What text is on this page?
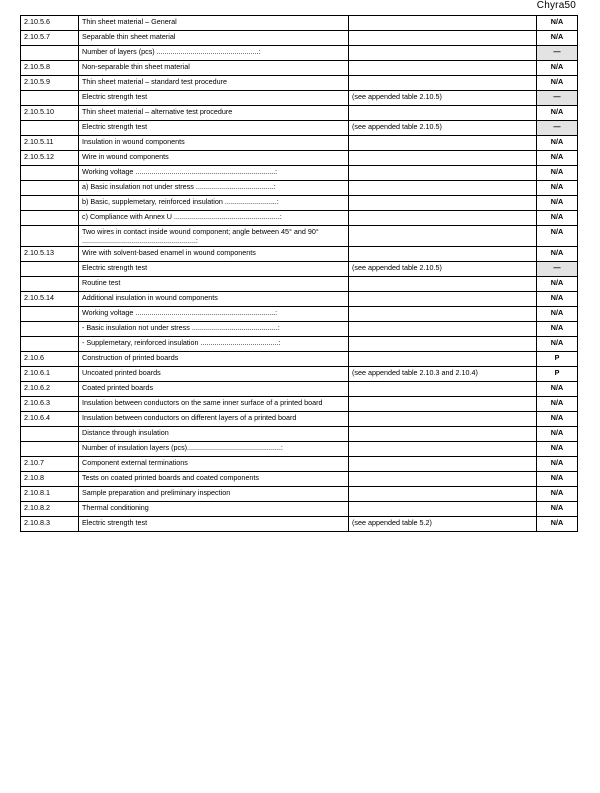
Chyra50
2.10.5.6	Thin sheet material – General		N/A
2.10.5.7	Separable thin sheet material		N/A
	Number of layers (pcs) ...................................................:		—
2.10.5.8	Non-separable thin sheet material		N/A
2.10.5.9	Thin sheet material – standard test procedure		N/A
	Electric strength test	(see appended table 2.10.5)	—
2.10.5.10	Thin sheet material – alternative test procedure		N/A
	Electric strength test	(see appended table 2.10.5)	—
2.10.5.11	Insulation in wound components		N/A
2.10.5.12	Wire in wound components		N/A
	Working voltage ......................................................................:		N/A
	a) Basic insulation not under stress .......................................:		N/A
	b) Basic, supplemetary, reinforced insulation ..........................:		N/A
	c) Compliance with Annex U .....................................................:		N/A
	Two wires in contact inside wound component; angle between 45° and 90° .........................................................:		N/A
2.10.5.13	Wire with solvent-based enamel in wound components		N/A
	Electric strength test	(see appended table 2.10.5)	—
	Routine test		N/A
2.10.5.14	Additional insulation in wound components		N/A
	Working voltage ......................................................................:		N/A
	- Basic insulation not under stress ...........................................:		N/A
	- Supplemetary, reinforced insulation .......................................:		N/A
2.10.6	Construction of printed boards		P
2.10.6.1	Uncoated printed boards	(see appended table 2.10.3 and 2.10.4)	P
2.10.6.2	Coated printed boards		N/A
2.10.6.3	Insulation between conductors on the same inner surface of a printed board		N/A
2.10.6.4	Insulation between conductors on different layers of a printed board		N/A
	Distance through insulation		N/A
	Number of insulation layers (pcs)...............................................:		N/A
2.10.7	Component external terminations		N/A
2.10.8	Tests on coated printed boards and coated components		N/A
2.10.8.1	Sample preparation and preliminary inspection		N/A
2.10.8.2	Thermal conditioning		N/A
2.10.8.3	Electric strength test	(see appended table 5.2)	N/A
